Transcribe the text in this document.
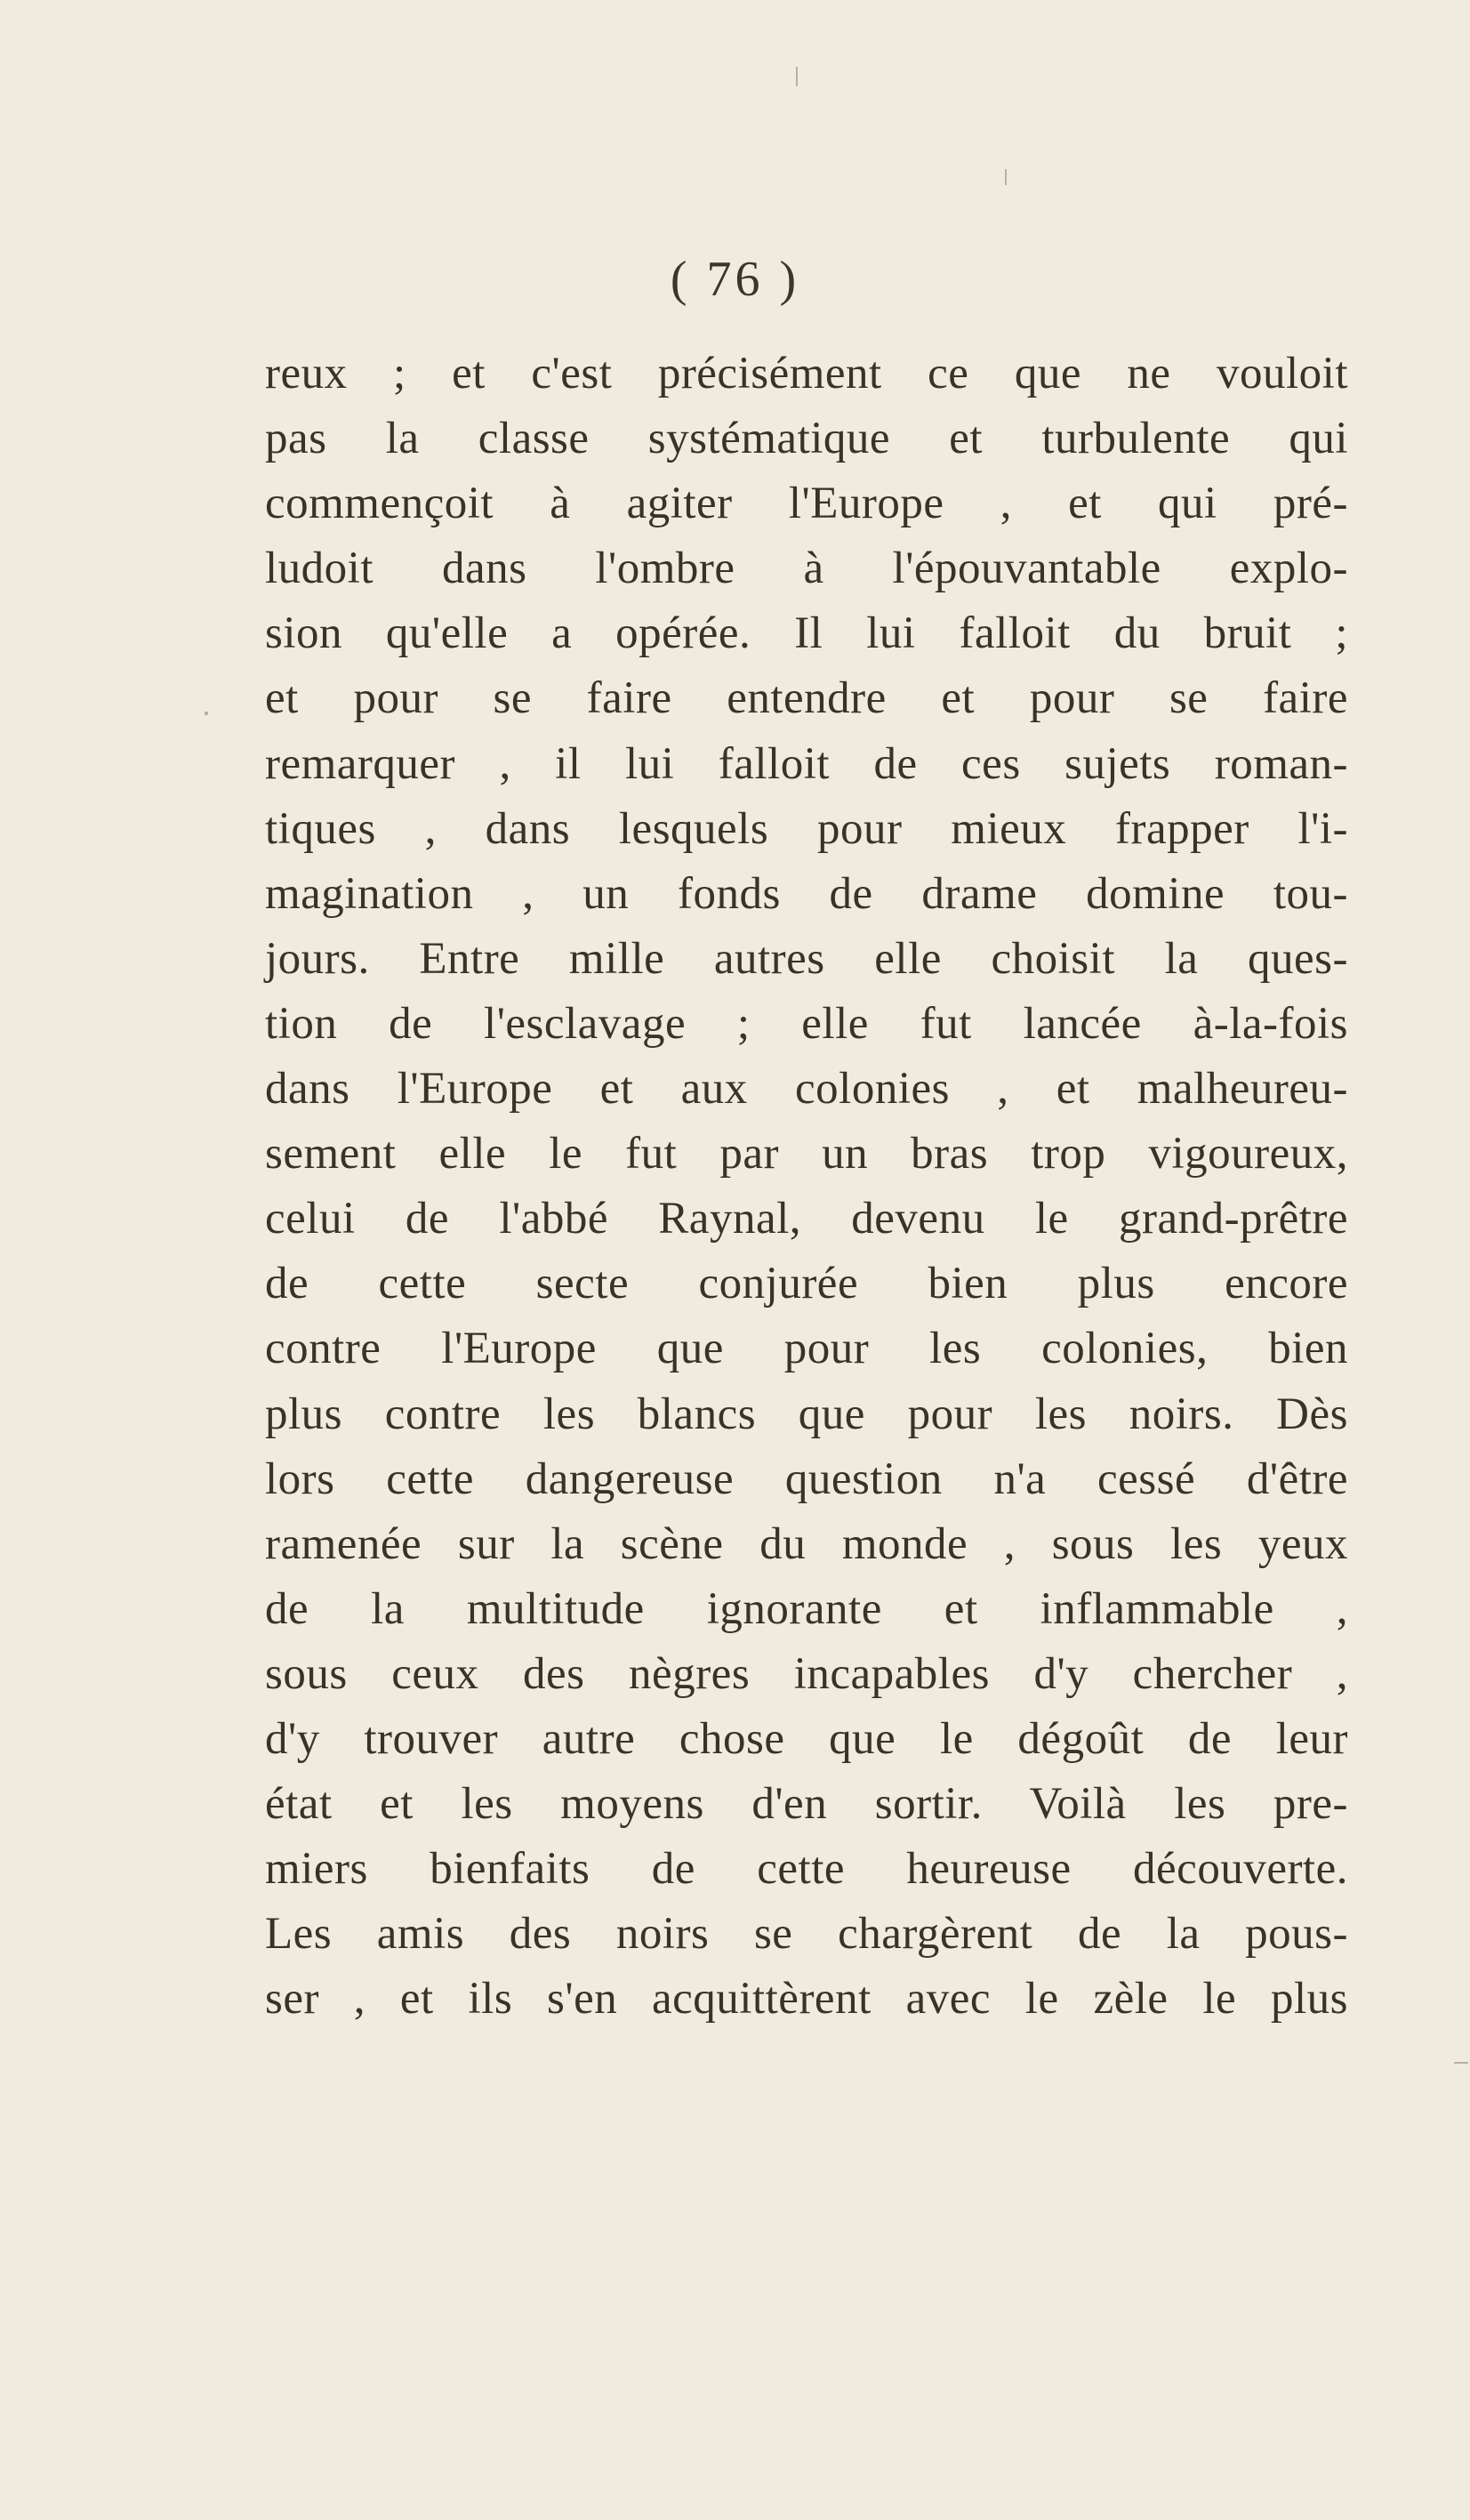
( 76 )
reux ; et c'est précisément ce que ne vouloit
pas la classe systématique et turbulente qui
commençoit à agiter l'Europe , et qui pré-
ludoit dans l'ombre à l'épouvantable explo-
sion qu'elle a opérée. Il lui falloit du bruit ;
et pour se faire entendre et pour se faire
remarquer , il lui falloit de ces sujets roman-
tiques , dans lesquels pour mieux frapper l'i-
magination , un fonds de drame domine tou-
jours. Entre mille autres elle choisit la ques-
tion de l'esclavage ; elle fut lancée à-la-fois
dans l'Europe et aux colonies , et malheureu-
sement elle le fut par un bras trop vigoureux,
celui de l'abbé Raynal, devenu le grand-prêtre
de cette secte conjurée bien plus encore
contre l'Europe que pour les colonies, bien
plus contre les blancs que pour les noirs. Dès
lors cette dangereuse question n'a cessé d'être
ramenée sur la scène du monde , sous les yeux
de la multitude ignorante et inflammable ,
sous ceux des nègres incapables d'y chercher ,
d'y trouver autre chose que le dégoût de leur
état et les moyens d'en sortir. Voilà les pre-
miers bienfaits de cette heureuse découverte.
Les amis des noirs se chargèrent de la pous-
ser , et ils s'en acquittèrent avec le zèle le plus
